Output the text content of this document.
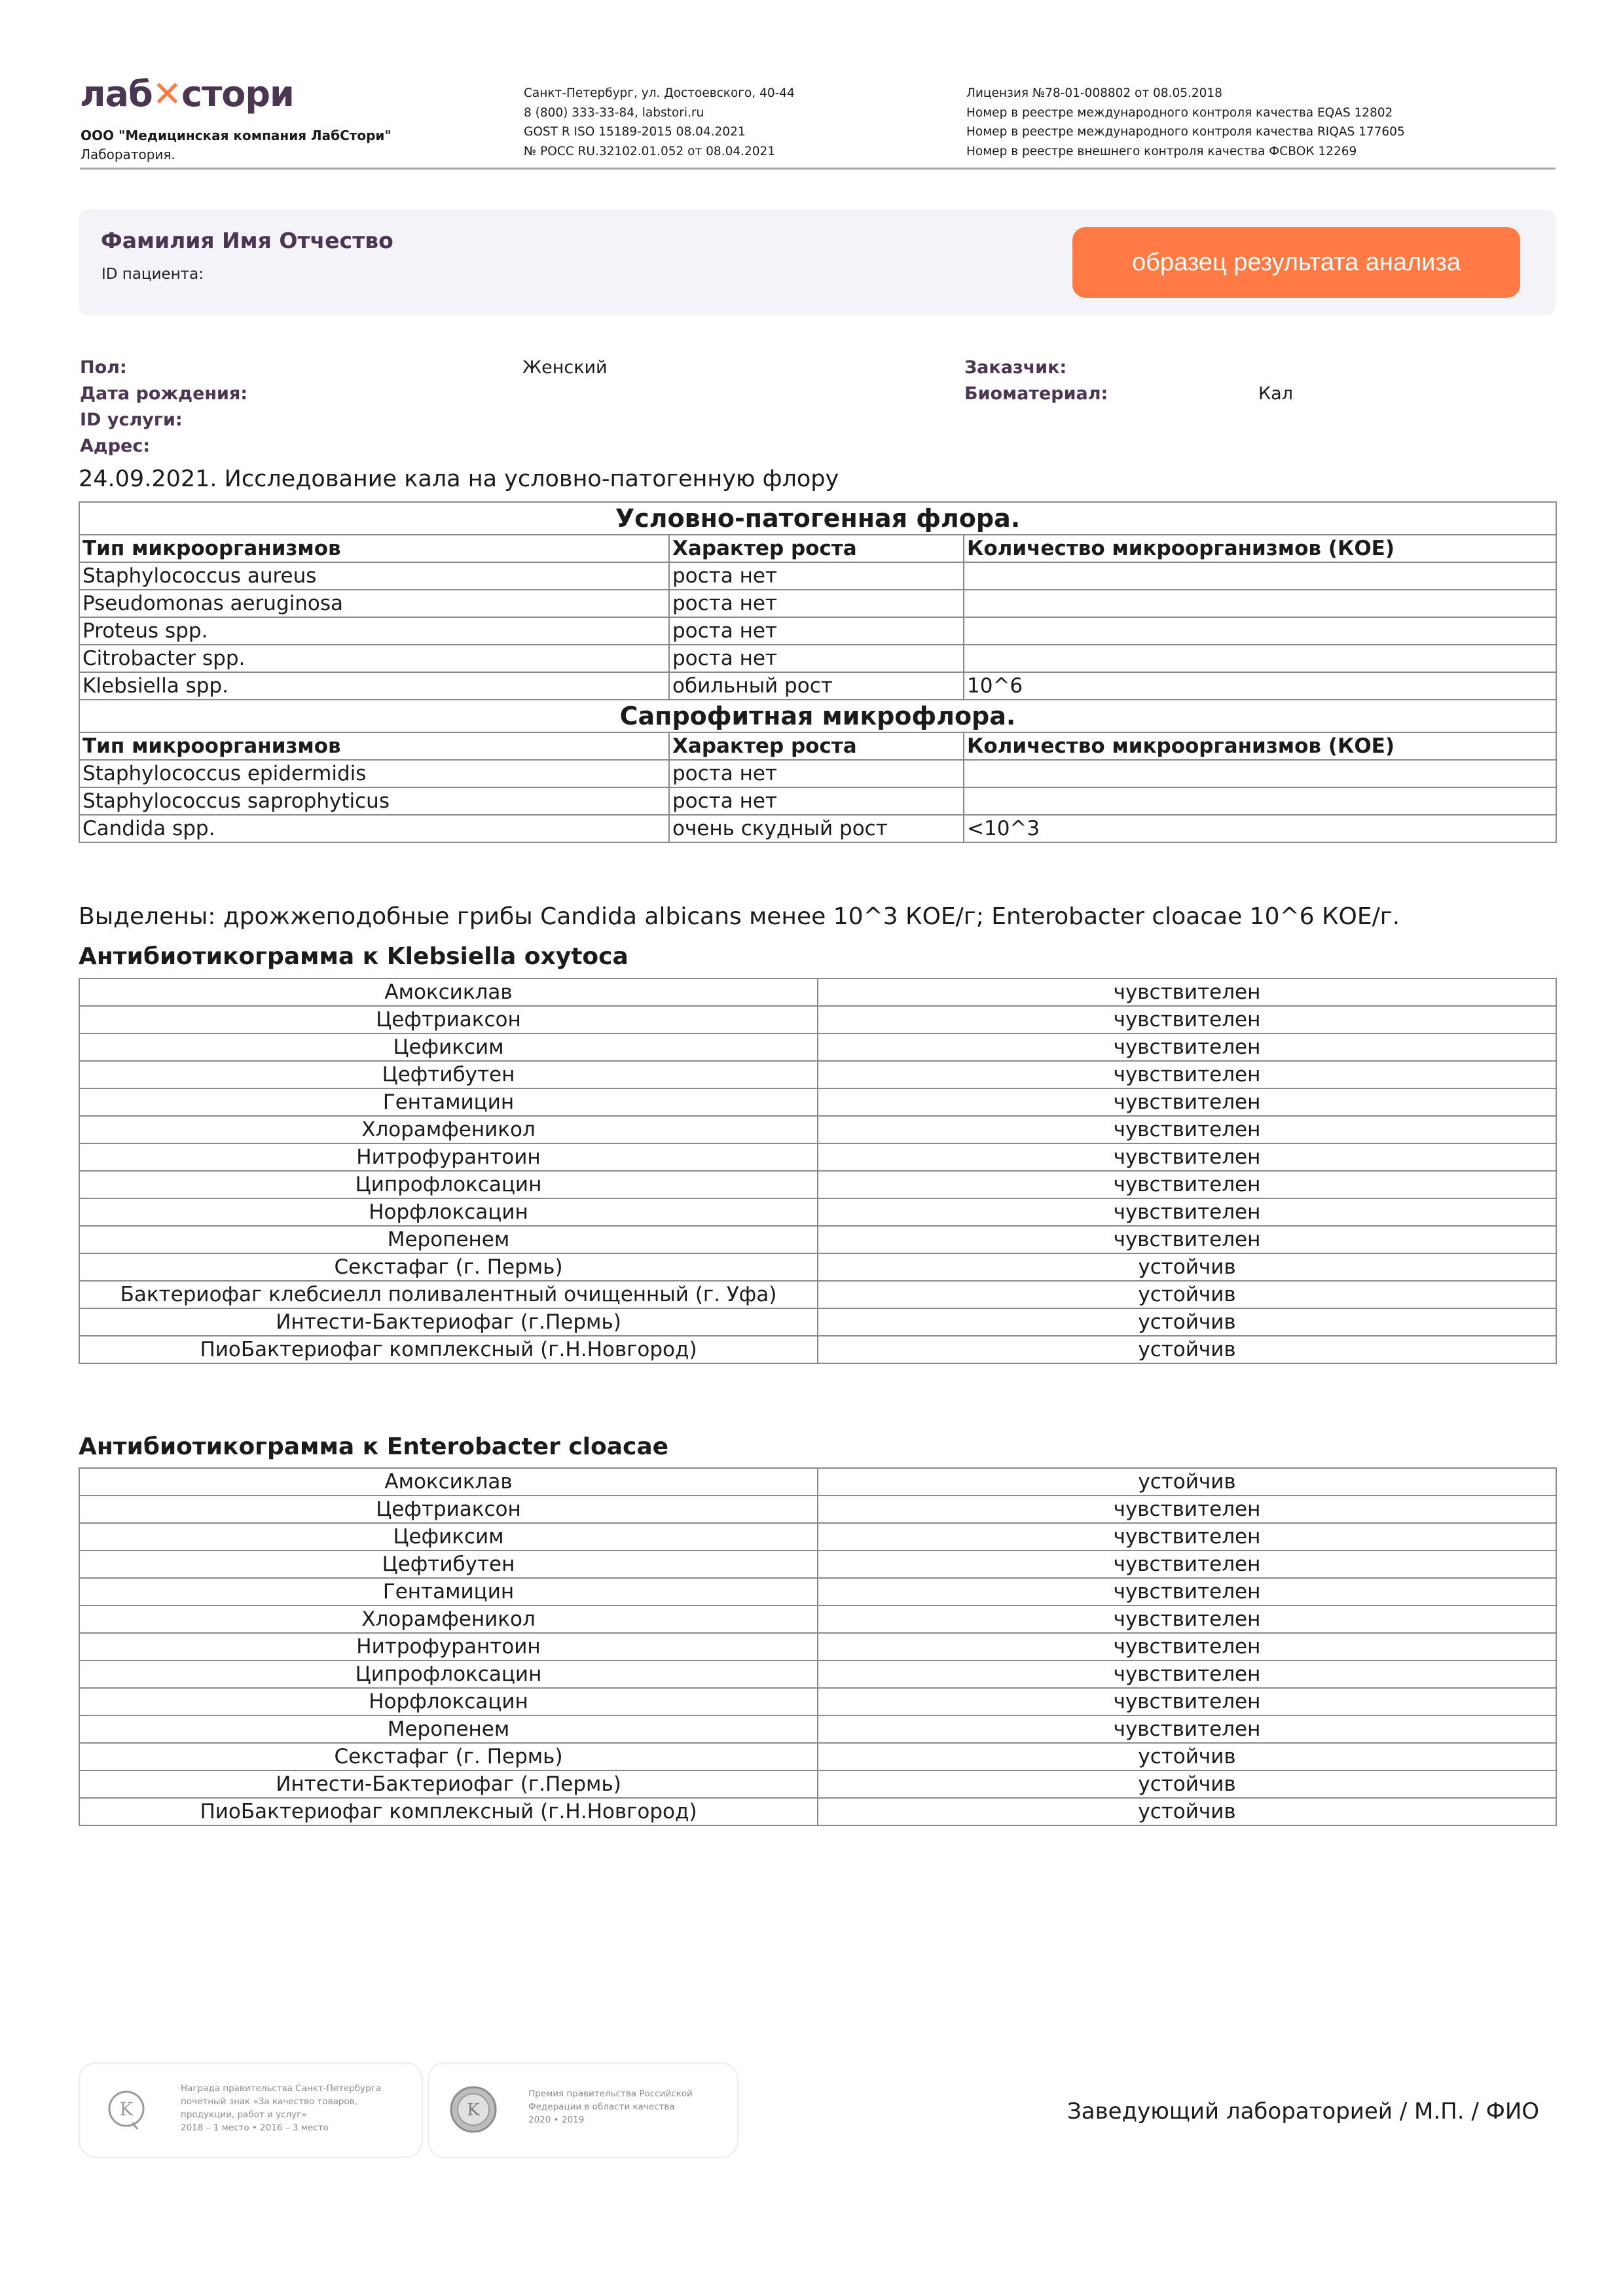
лаб✕стори
ООО "Медицинская компания ЛабСтори"
Лаборатория.
Санкт-Петербург, ул. Достоевского, 40-44
8 (800) 333-33-84, labstori.ru
GOST R ISO 15189-2015 08.04.2021
№ РОСС RU.32102.01.052 от 08.04.2021
Лицензия №78-01-008802 от 08.05.2018
Номер в реестре международного контроля качества EQAS 12802
Номер в реестре международного контроля качества RIQAS 177605
Номер в реестре внешнего контроля качества ФСВОК 12269
Фамилия Имя Отчество
ID пациента:	образец результата анализа
Пол:	Женский
Дата рождения:
ID услуги:
Адрес:
Заказчик:
Биоматериал:	Кал
24.09.2021. Исследование кала на условно-патогенную флору
Условно-патогенная флора.		
Тип микроорганизмов	Характер роста	Количество микроорганизмов (КОЕ)
Staphylococcus aureus	роста нет	
Pseudomonas aeruginosa	роста нет	
Proteus spp.	роста нет	
Citrobacter spp.	роста нет	
Klebsiella spp.	обильный рост	10^6
Сапрофитная микрофлора.		
Тип микроорганизмов	Характер роста	Количество микроорганизмов (КОЕ)
Staphylococcus epidermidis	роста нет	
Staphylococcus saprophyticus	роста нет	
Candida spp.	очень скудный рост	<10^3
Выделены: дрожжеподобные грибы Candida albicans менее 10^3 КОЕ/г; Enterobacter cloacae 10^6 КОЕ/г.
Антибиотикограмма к Klebsiella oxytoca
Амоксиклав	чувствителен
Цефтриаксон	чувствителен
Цефиксим	чувствителен
Цефтибутен	чувствителен
Гентамицин	чувствителен
Хлорамфеникол	чувствителен
Нитрофурантоин	чувствителен
Ципрофлоксацин	чувствителен
Норфлоксацин	чувствителен
Меропенем	чувствителен
Секстафаг (г. Пермь)	устойчив
Бактериофаг клебсиелл поливалентный очищенный (г. Уфа)	устойчив
Интести-Бактериофаг (г.Пермь)	устойчив
ПиоБактериофаг комплексный (г.Н.Новгород)	устойчив
Антибиотикограмма к Enterobacter cloacae
Амоксиклав	устойчив
Цефтриаксон	чувствителен
Цефиксим	чувствителен
Цефтибутен	чувствителен
Гентамицин	чувствителен
Хлорамфеникол	чувствителен
Нитрофурантоин	чувствителен
Ципрофлоксацин	чувствителен
Норфлоксацин	чувствителен
Меропенем	чувствителен
Секстафаг (г. Пермь)	устойчив
Интести-Бактериофаг (г.Пермь)	устойчив
ПиоБактериофаг комплексный (г.Н.Новгород)	устойчив
K
Награда правительства Санкт-Петербурга
почетный знак «За качество товаров,
продукции, работ и услуг»
2018 – 1 место • 2016 – 3 место
K
Премия правительства Российской
Федерации в области качества
2020 • 2019	Заведующий лабораторией / М.П. / ФИО
